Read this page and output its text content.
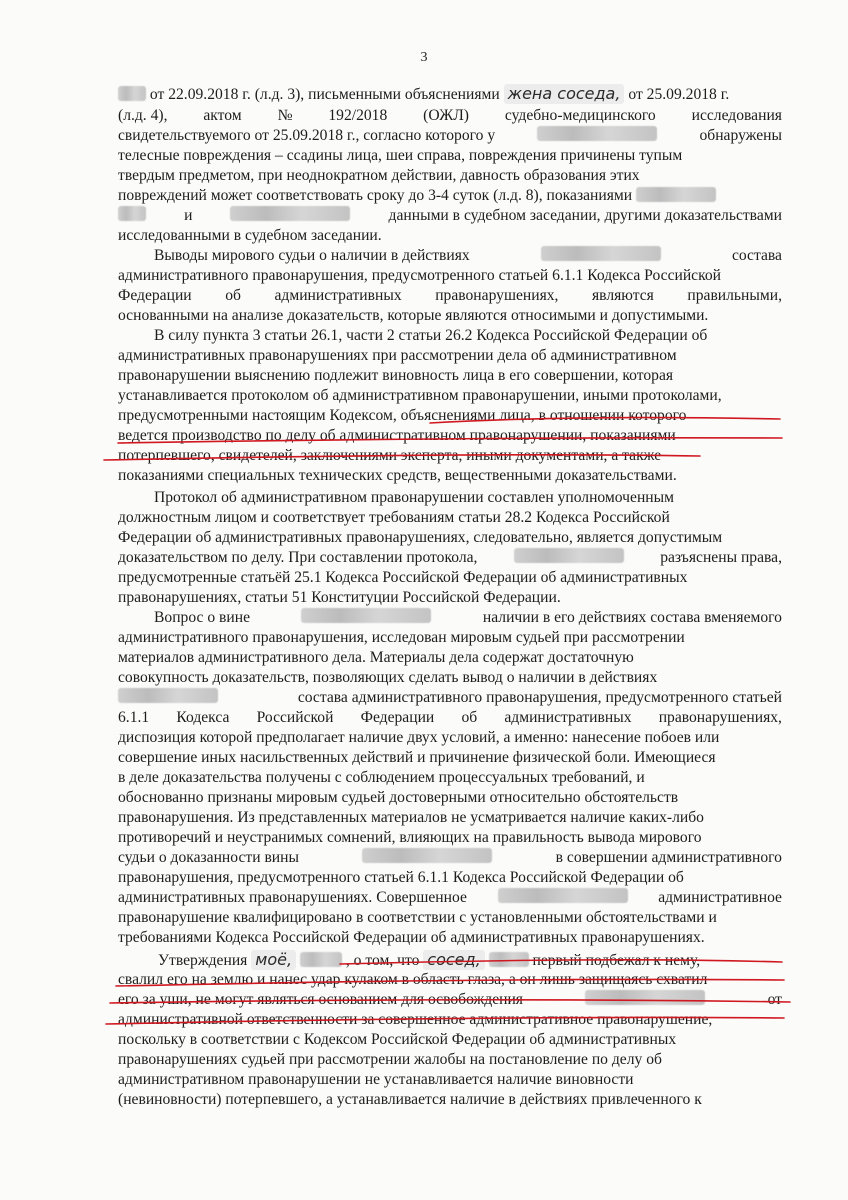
3
от 22.09.2018 г. (л.д. 3), письменными объяснениями жена соседа, от 25.09.2018 г.
(л.д. 4), актом № 192/2018 (ОЖЛ) судебно-медицинского исследования
свидетельствуемого от 25.09.2018 г., согласно которого у	обнаружены
телесные повреждения – ссадины лица, шеи справа, повреждения причинены тупым
твердым предметом, при неоднократном действии, давность образования этих
повреждений может соответствовать сроку до 3-4 суток (л.д. 8), показаниями
и	данными в судебном заседании, другими доказательствами
исследованными в судебном заседании.
Выводы мирового судьи о наличии в действиях	состава
административного правонарушения, предусмотренного статьей 6.1.1 Кодекса Российской
Федерации об административных правонарушениях, являются правильными,
основанными на анализе доказательств, которые являются относимыми и допустимыми.
В силу пункта 3 статьи 26.1, части 2 статьи 26.2 Кодекса Российской Федерации об
административных правонарушениях при рассмотрении дела об административном
правонарушении выяснению подлежит виновность лица в его совершении, которая
устанавливается протоколом об административном правонарушении, иными протоколами,
предусмотренными настоящим Кодексом, объяснениями лица, в отношении которого
ведется производство по делу об административном правонарушении, показаниями
потерпевшего, свидетелей, заключениями эксперта, иными документами, а также
показаниями специальных технических средств, вещественными доказательствами.
Протокол об административном правонарушении составлен уполномоченным
должностным лицом и соответствует требованиям статьи 28.2 Кодекса Российской
Федерации об административных правонарушениях, следовательно, является допустимым
доказательством по делу. При составлении протокола,	разъяснены права,
предусмотренные статьёй 25.1 Кодекса Российской Федерации об административных
правонарушениях, статьи 51 Конституции Российской Федерации.
Вопрос о вине	наличии в его действиях состава вменяемого
административного правонарушения, исследован мировым судьей при рассмотрении
материалов административного дела. Материалы дела содержат достаточную
совокупность доказательств, позволяющих сделать вывод о наличии в действиях
состава административного правонарушения, предусмотренного статьей
6.1.1 Кодекса Российской Федерации об административных правонарушениях,
диспозиция которой предполагает наличие двух условий, а именно: нанесение побоев или
совершение иных насильственных действий и причинение физической боли. Имеющиеся
в деле доказательства получены с соблюдением процессуальных требований, и
обоснованно признаны мировым судьей достоверными относительно обстоятельств
правонарушения. Из представленных материалов не усматривается наличие каких-либо
противоречий и неустранимых сомнений, влияющих на правильность вывода мирового
судьи о доказанности вины	в совершении административного
правонарушения, предусмотренного статьей 6.1.1 Кодекса Российской Федерации об
административных правонарушениях. Совершенное	административное
правонарушение квалифицировано в соответствии с установленными обстоятельствами и
требованиями Кодекса Российской Федерации об административных правонарушениях.
Утверждения моё,	, о том, что сосед,	первый подбежал к нему,
свалил его на землю и нанес удар кулаком в область глаза, а он лишь защищаясь схватил
его за уши, не могут являться основанием для освобождения	от
административной ответственности за совершенное административное правонарушение,
поскольку в соответствии с Кодексом Российской Федерации об административных
правонарушениях судьей при рассмотрении жалобы на постановление по делу об
административном правонарушении не устанавливается наличие виновности
(невиновности) потерпевшего, а устанавливается наличие в действиях привлеченного к
